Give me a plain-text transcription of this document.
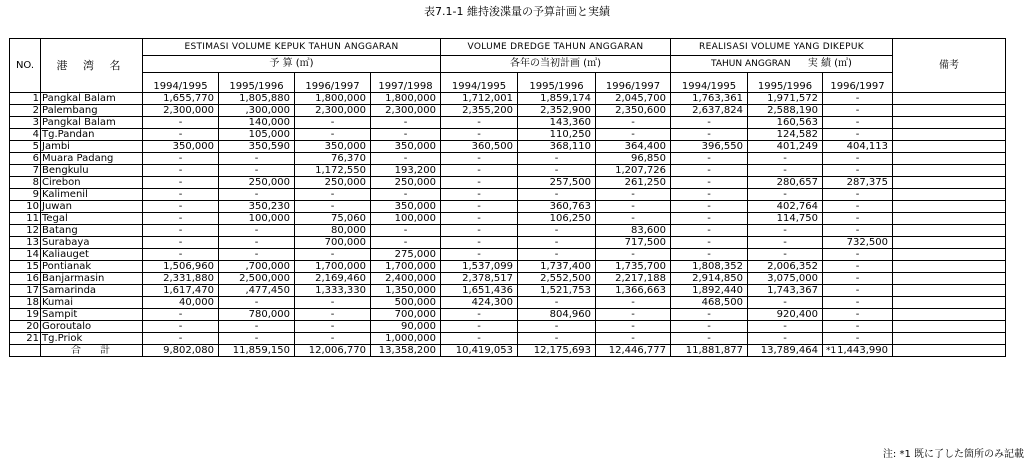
表7.1-1 維持浚渫量の予算計画と実績
NO.	港 湾 名	ESTIMASI VOLUME KEPUK TAHUN ANGGARAN				VOLUME DREDGE TAHUN ANGGARAN			REALISASI VOLUME YANG DIKEPUK			備考
		予 算 (㎥)				各年の当初計画 (㎥)			TAHUN ANGGRAN 実 績 (㎥)			
		1994/1995	1995/1996	1996/1997	1997/1998	1994/1995	1995/1996	1996/1997	1994/1995	1995/1996	1996/1997	
1	Pangkal Balam	1,655,770	1,805,880	1,800,000	1,800,000	1,712,001	1,859,174	2,045,700	1,763,361	1,971,572	-	
2	Palembang	2,300,000	,300,000	2,300,000	2,300,000	2,355,200	2,352,900	2,350,600	2,637,824	2,588,190	-	
3	Pangkal Balam	-	140,000	-	-	-	143,360	-	-	160,563	-	
4	Tg.Pandan	-	105,000	-	-	-	110,250	-	-	124,582	-	
5	Jambi	350,000	350,590	350,000	350,000	360,500	368,110	364,400	396,550	401,249	404,113	
6	Muara Padang	-	-	76,370	-	-	-	96,850	-	-	-	
7	Bengkulu	-	-	1,172,550	193,200	-	-	1,207,726	-	-	-	
8	Cirebon	-	250,000	250,000	250,000	-	257,500	261,250	-	280,657	287,375	
9	Kalimenil	-	-	-	-	-	-	-	-	-	-	
10	Juwan	-	350,230	-	350,000	-	360,763	-	-	402,764	-	
11	Tegal	-	100,000	75,060	100,000	-	106,250	-	-	114,750	-	
12	Batang	-	-	80,000	-	-	-	83,600	-	-	-	
13	Surabaya	-	-	700,000	-	-	-	717,500	-	-	732,500	
14	Kaliauget	-	-	-	275,000	-	-	-	-	-	-	
15	Pontianak	1,506,960	,700,000	1,700,000	1,700,000	1,537,099	1,737,400	1,735,700	1,808,352	2,006,352	-	
16	Banjarmasin	2,331,880	2,500,000	2,169,460	2,400,000	2,378,517	2,552,500	2,217,188	2,914,850	3,075,000	-	
17	Samarinda	1,617,470	,477,450	1,333,330	1,350,000	1,651,436	1,521,753	1,366,663	1,892,440	1,743,367	-	
18	Kumai	40,000	-	-	500,000	424,300	-	-	468,500	-	-	
19	Sampit	-	780,000	-	700,000	-	804,960	-	-	920,400	-	
20	Goroutalo	-	-	-	90,000	-	-	-	-	-	-	
21	Tg.Priok	-	-	-	1,000,000	-	-	-	-	-	-	
	合 計	9,802,080	11,859,150	12,006,770	13,358,200	10,419,053	12,175,693	12,446,777	11,881,877	13,789,464	*1 1,443,990	
注: *1 既に了した箇所のみ記載
